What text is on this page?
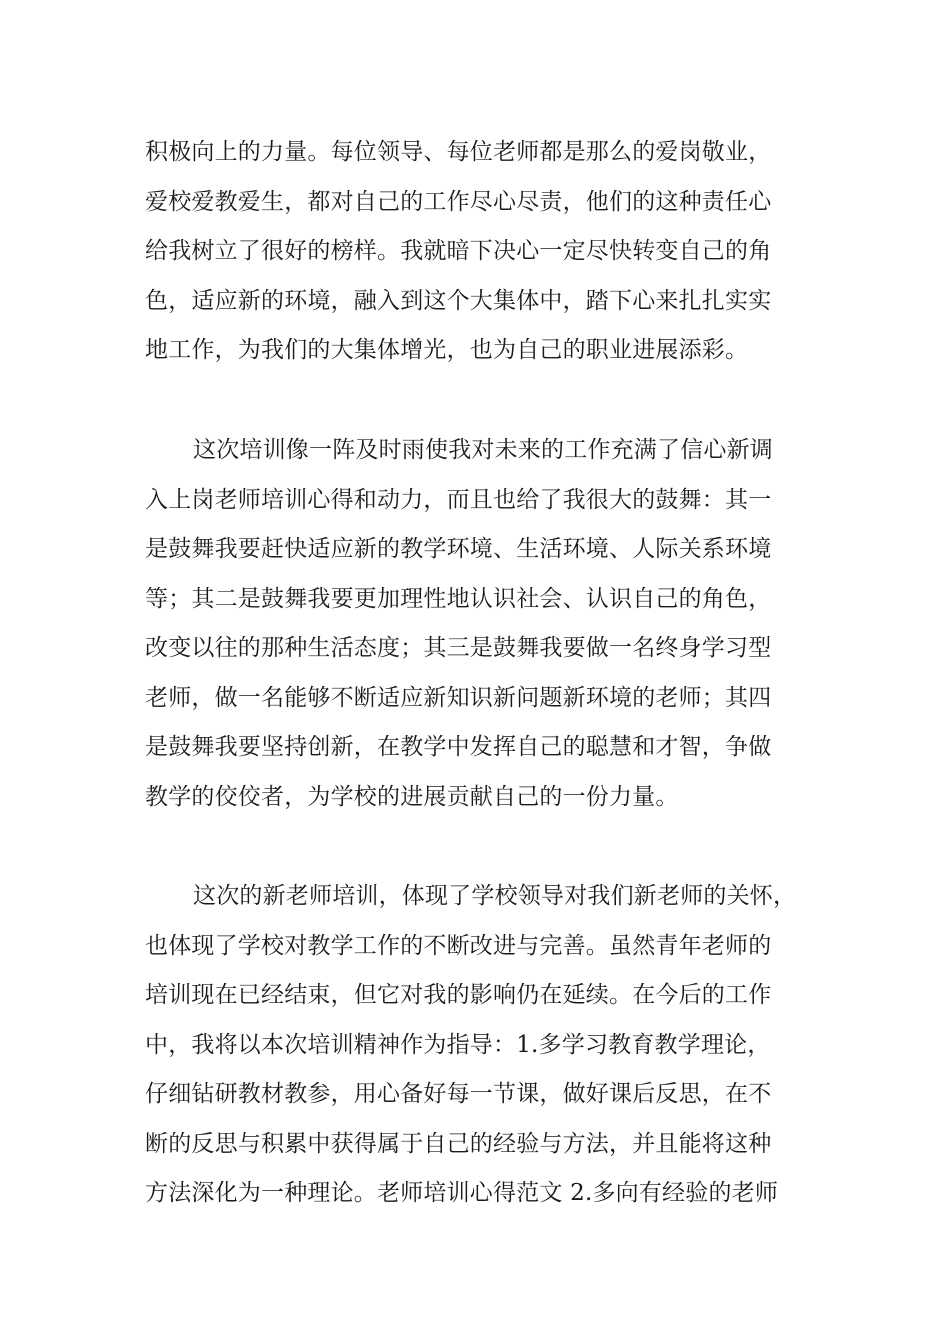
积极向上的力量。每位领导、每位老师都是那么的爱岗敬业，
爱校爱教爱生，都对自己的工作尽心尽责，他们的这种责任心
给我树立了很好的榜样。我就暗下决心一定尽快转变自己的角
色，适应新的环境，融入到这个大集体中，踏下心来扎扎实实
地工作，为我们的大集体增光，也为自己的职业进展添彩。

这次培训像一阵及时雨使我对未来的工作充满了信心新调
入上岗老师培训心得和动力，而且也给了我很大的鼓舞：其一
是鼓舞我要赶快适应新的教学环境、生活环境、人际关系环境
等；其二是鼓舞我要更加理性地认识社会、认识自己的角色，
改变以往的那种生活态度；其三是鼓舞我要做一名终身学习型
老师，做一名能够不断适应新知识新问题新环境的老师；其四
是鼓舞我要坚持创新，在教学中发挥自己的聪慧和才智，争做
教学的佼佼者，为学校的进展贡献自己的一份力量。

这次的新老师培训，体现了学校领导对我们新老师的关怀，
也体现了学校对教学工作的不断改进与完善。虽然青年老师的
培训现在已经结束，但它对我的影响仍在延续。在今后的工作
中，我将以本次培训精神作为指导：1.多学习教育教学理论，
仔细钻研教材教参，用心备好每一节课，做好课后反思，在不
断的反思与积累中获得属于自己的经验与方法，并且能将这种
方法深化为一种理论。老师培训心得范文 2.多向有经验的老师
